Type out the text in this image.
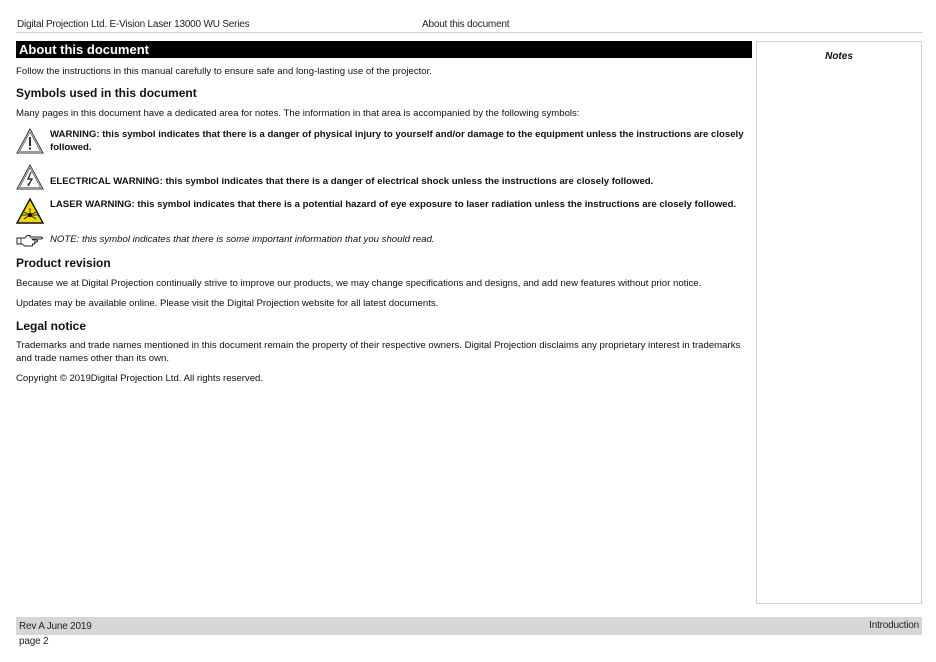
Digital Projection Ltd. E-Vision Laser 13000 WU Series	About this document
About this document

Follow the instructions in this manual carefully to ensure safe and long-lasting use of the projector.

Symbols used in this document

Many pages in this document have a dedicated area for notes. The information in that area is accompanied by the following symbols:

WARNING: this symbol indicates that there is a danger of physical injury to yourself and/or damage to the equipment unless the instructions are closely followed.
ELECTRICAL WARNING: this symbol indicates that there is a danger of electrical shock unless the instructions are closely followed.
LASER WARNING: this symbol indicates that there is a potential hazard of eye exposure to laser radiation unless the instructions are closely followed.
NOTE: this symbol indicates that there is some important information that you should read.
Product revision

Because we at Digital Projection continually strive to improve our products, we may change specifications and designs, and add new features without prior notice.

Updates may be available online. Please visit the Digital Projection website for all latest documents.

Legal notice

Trademarks and trade names mentioned in this document remain the property of their respective owners. Digital Projection disclaims any proprietary interest in trademarks and trade names other than its own.

Copyright © 2019Digital Projection Ltd. All rights reserved.

Notes
Rev A June 2019	Introduction
page 2
